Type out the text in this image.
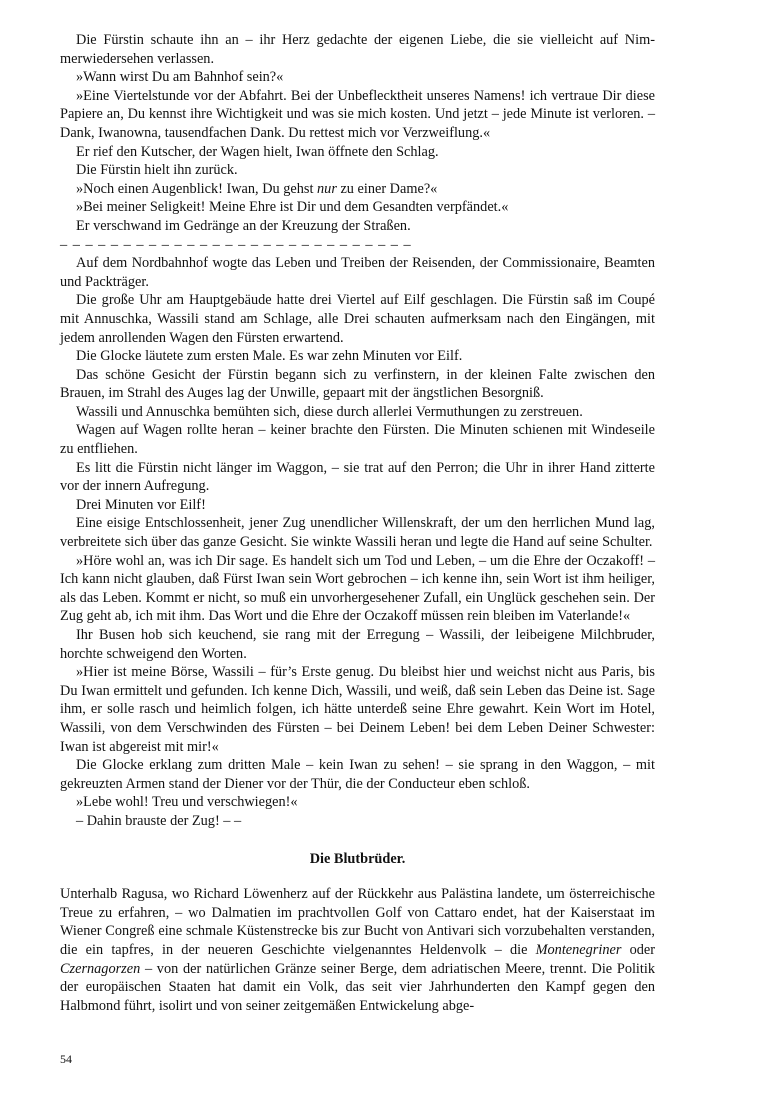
Die Fürstin schaute ihn an – ihr Herz gedachte der eigenen Liebe, die sie vielleicht auf Nimmerwiedersehen verlassen.

»Wann wirst Du am Bahnhof sein?«

»Eine Viertelstunde vor der Abfahrt. Bei der Unbeflecktheit unseres Namens! ich vertraue Dir diese Papiere an, Du kennst ihre Wichtigkeit und was sie mich kosten. Und jetzt – jede Minute ist verloren. – Dank, Iwanowna, tausendfachen Dank. Du rettest mich vor Verzweiflung.«

Er rief den Kutscher, der Wagen hielt, Iwan öffnete den Schlag.

Die Fürstin hielt ihn zurück.

»Noch einen Augenblick! Iwan, Du gehst nur zu einer Dame?«

»Bei meiner Seligkeit! Meine Ehre ist Dir und dem Gesandten verpfändet.«

Er verschwand im Gedränge an der Kreuzung der Straßen.

– – – – – – – – – – – – – – – – – – – – – – – – – – – –

Auf dem Nordbahnhof wogte das Leben und Treiben der Reisenden, der Commissionaire, Beamten und Packträger.

Die große Uhr am Hauptgebäude hatte drei Viertel auf Eilf geschlagen. Die Fürstin saß im Coupé mit Annuschka, Wassili stand am Schlage, alle Drei schauten aufmerksam nach den Eingängen, mit jedem anrollenden Wagen den Fürsten erwartend.

Die Glocke läutete zum ersten Male. Es war zehn Minuten vor Eilf.

Das schöne Gesicht der Fürstin begann sich zu verfinstern, in der kleinen Falte zwischen den Brauen, im Strahl des Auges lag der Unwille, gepaart mit der ängstlichen Besorgniß.

Wassili und Annuschka bemühten sich, diese durch allerlei Vermuthungen zu zerstreuen.

Wagen auf Wagen rollte heran – keiner brachte den Fürsten. Die Minuten schienen mit Windeseile zu entfliehen.

Es litt die Fürstin nicht länger im Waggon, – sie trat auf den Perron; die Uhr in ihrer Hand zitterte vor der innern Aufregung.

Drei Minuten vor Eilf!

Eine eisige Entschlossenheit, jener Zug unendlicher Willenskraft, der um den herrlichen Mund lag, verbreitete sich über das ganze Gesicht. Sie winkte Wassili heran und legte die Hand auf seine Schulter.

»Höre wohl an, was ich Dir sage. Es handelt sich um Tod und Leben, – um die Ehre der Oczakoff! – Ich kann nicht glauben, daß Fürst Iwan sein Wort gebrochen – ich kenne ihn, sein Wort ist ihm heiliger, als das Leben. Kommt er nicht, so muß ein unvorhergesehener Zufall, ein Unglück geschehen sein. Der Zug geht ab, ich mit ihm. Das Wort und die Ehre der Oczakoff müssen rein bleiben im Vaterlande!«

Ihr Busen hob sich keuchend, sie rang mit der Erregung – Wassili, der leibeigene Milchbruder, horchte schweigend den Worten.

»Hier ist meine Börse, Wassili – für’s Erste genug. Du bleibst hier und weichst nicht aus Paris, bis Du Iwan ermittelt und gefunden. Ich kenne Dich, Wassili, und weiß, daß sein Leben das Deine ist. Sage ihm, er solle rasch und heimlich folgen, ich hätte unterdeß seine Ehre gewahrt. Kein Wort im Hotel, Wassili, von dem Verschwinden des Fürsten – bei Deinem Leben! bei dem Leben Deiner Schwester: Iwan ist abgereist mit mir!«

Die Glocke erklang zum dritten Male – kein Iwan zu sehen! – sie sprang in den Waggon, – mit gekreuzten Armen stand der Diener vor der Thür, die der Conducteur eben schloß.

»Lebe wohl! Treu und verschwiegen!«

– Dahin brauste der Zug! – –

Die Blutbrüder.

Unterhalb Ragusa, wo Richard Löwenherz auf der Rückkehr aus Palästina landete, um österreichische Treue zu erfahren, – wo Dalmatien im prachtvollen Golf von Cattaro endet, hat der Kaiserstaat im Wiener Congreß eine schmale Küstenstrecke bis zur Bucht von Antivari sich vorzubehalten verstanden, die ein tapfres, in der neueren Geschichte vielgenanntes Heldenvolk – die Montenegriner oder Czernagorzen – von der natürlichen Gränze seiner Berge, dem adriatischen Meere, trennt. Die Politik der europäischen Staaten hat damit ein Volk, das seit vier Jahrhunderten den Kampf gegen den Halbmond führt, isolirt und von seiner zeitgemäßen Entwickelung abge-

54
